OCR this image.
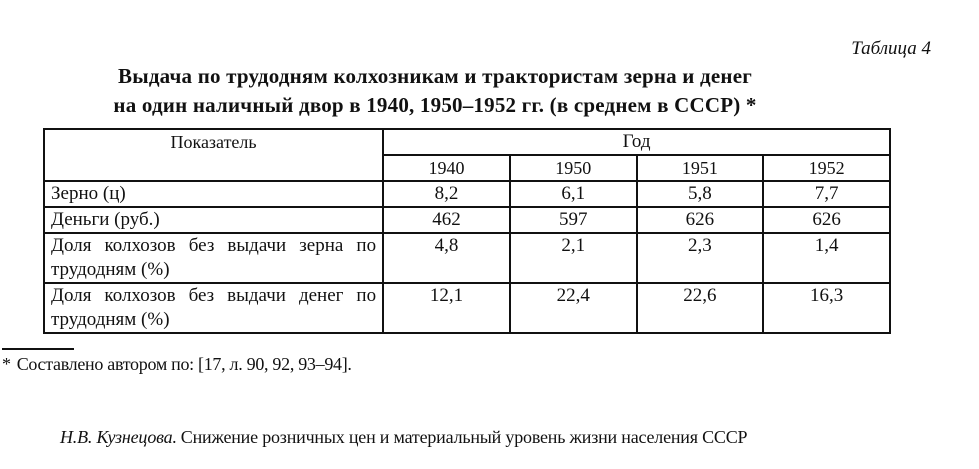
Таблица 4
Выдача по трудодням колхозникам и трактористам зерна и денег
на один наличный двор в 1940, 1950–1952 гг. (в среднем в СССР) *
Показатель	Год			
	1940	1950	1951	1952
Зерно (ц)	8,2	6,1	5,8	7,7
Деньги (руб.)	462	597	626	626
Доля колхозов без выдачи зерна по трудодням (%)	4,8	2,1	2,3	1,4
Доля колхозов без выдачи денег по трудодням (%)	12,1	22,4	22,6	16,3
* Составлено автором по: [17, л. 90, 92, 93–94].
Н.В. Кузнецова. Снижение розничных цен и материальный уровень жизни населения СССР
